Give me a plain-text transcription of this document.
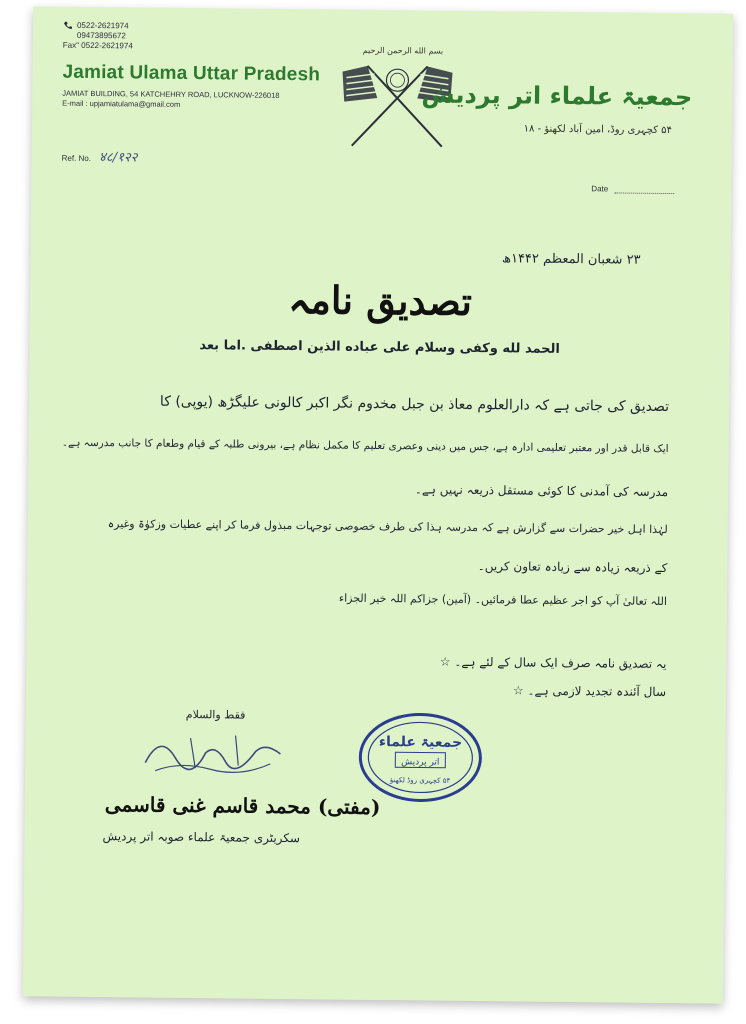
0522-2621974
09473895672
Fax" 0522-2621974
Jamiat Ulama Uttar Pradesh
JAMIAT BUILDING, 54 KATCHEHRY ROAD, LUCKNOW-226018
E-mail : upjamiatulama@gmail.com
بسم الله الرحمن الرحيم
جمعیۃ علماء اتر پردیش
۵۴ کچہری روڈ، امین آباد لکھنؤ - ۱۸
Ref. No. ४८/१२२
Date
۲۳ شعبان المعظم ۱۴۴۲ھ
تصدیق نامہ
الحمد لله وكفى وسلام على عباده الذين اصطفى .اما بعد
تصدیق کی جاتی ہے کہ دارالعلوم معاذ بن جبل مخدوم نگر اکبر کالونی علیگڑھ (یوپی) کا
ایک قابل قدر اور معتبر تعلیمی ادارہ ہے، جس میں دینی وعصری تعلیم کا مکمل نظام ہے، بیرونی طلبہ کے قیام وطعام کا جانب مدرسہ ہے۔
مدرسہ کی آمدنی کا کوئی مستقل ذریعہ نہیں ہے۔
لہٰذا اہل خیر حضرات سے گزارش ہے کہ مدرسہ ہذا کی طرف خصوصی توجہات مبذول فرما کر اپنے عطیات وزکوٰۃ وغیرہ
کے ذریعہ زیادہ سے زیادہ تعاون کریں۔
اللہ تعالیٰ آپ کو اجر عظیم عطا فرمائیں۔ (آمین) جزاکم اللہ خیر الجزاء
یہ تصدیق نامہ صرف ایک سال کے لئے ہے۔ ☆
سال آئندہ تجدید لازمی ہے۔ ☆
فقط والسلام
(مفتی) محمد قاسم غنی قاسمی
سکریٹری جمعیۃ علماء صوبہ اتر پردیش
جمعیۃ علماء
اتر پردیش
۵۴ کچہری روڈ لکھنؤ
